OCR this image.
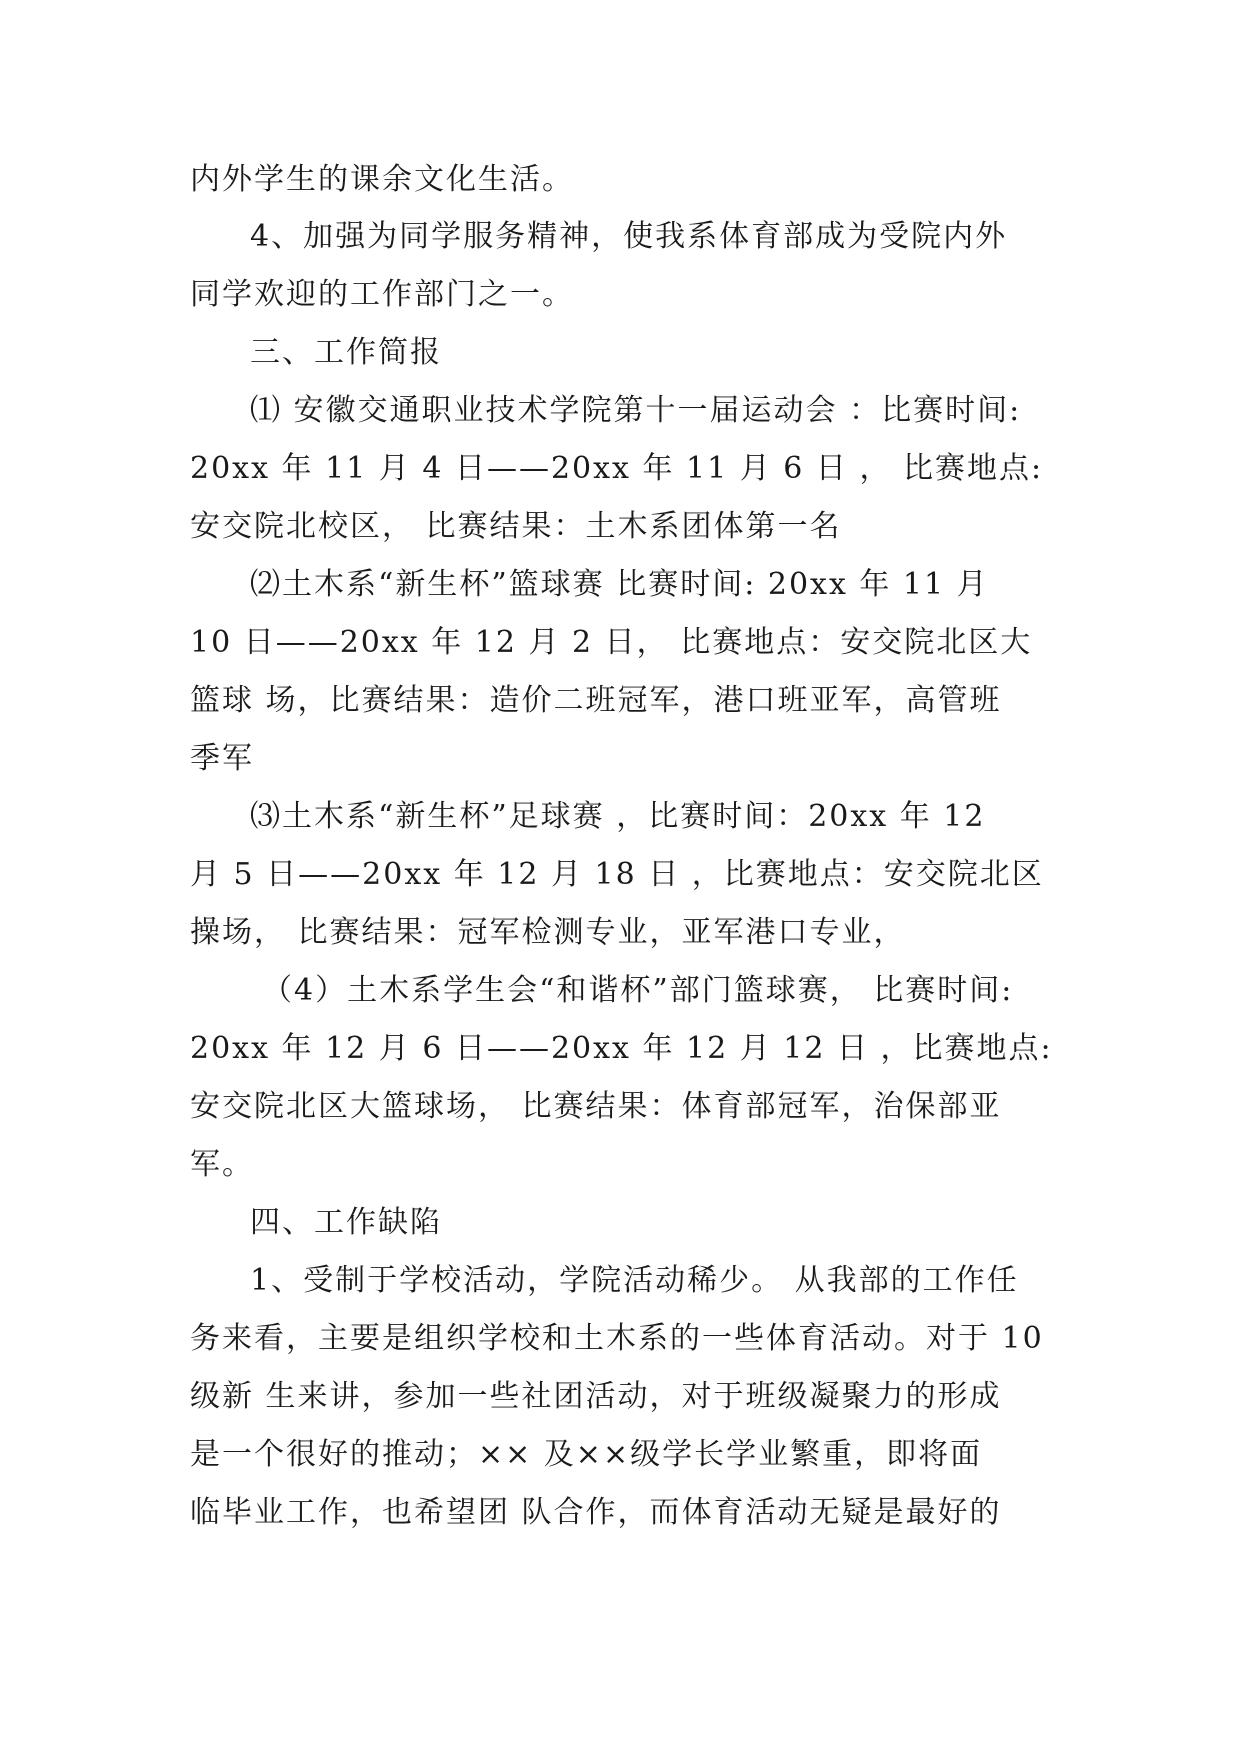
内外学生的课余文化生活。
4、加强为同学服务精神，使我系体育部成为受院内外
同学欢迎的工作部门之一。
三、工作简报
⑴ 安徽交通职业技术学院第十一届运动会 ：比赛时间:
20xx 年 11 月 4 日——20xx 年 11 月 6 日 ， 比赛地点:
安交院北校区， 比赛结果：土木系团体第一名
⑵土木系“新生杯”篮球赛 比赛时间: 20xx 年 11 月
10 日——20xx 年 12 月 2 日， 比赛地点：安交院北区大
篮球 场，比赛结果：造价二班冠军，港口班亚军，高管班
季军
⑶土木系“新生杯”足球赛 ，比赛时间：20xx 年 12
月 5 日——20xx 年 12 月 18 日 ，比赛地点：安交院北区
操场， 比赛结果：冠军检测专业，亚军港口专业，
（4）土木系学生会“和谐杯”部门篮球赛， 比赛时间:
20xx 年 12 月 6 日——20xx 年 12 月 12 日 ，比赛地点:
安交院北区大篮球场， 比赛结果：体育部冠军，治保部亚
军。
四、工作缺陷
1、受制于学校活动，学院活动稀少。 从我部的工作任
务来看，主要是组织学校和土木系的一些体育活动。对于 10
级新 生来讲，参加一些社团活动，对于班级凝聚力的形成
是一个很好的推动；×× 及××级学长学业繁重，即将面
临毕业工作，也希望团 队合作，而体育活动无疑是最好的
